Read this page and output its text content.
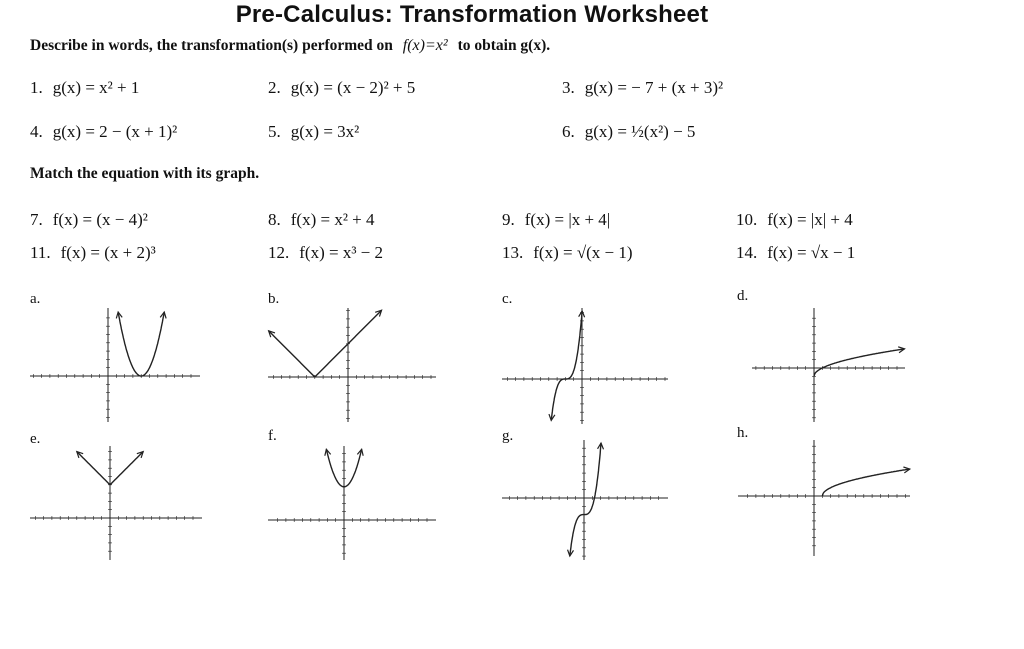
Pre-Calculus: Transformation Worksheet
Describe in words, the transformation(s) performed on f(x)=x² to obtain g(x).
1. g(x) = x² + 1	2. g(x) = (x − 2)² + 5	3. g(x) = − 7 + (x + 3)²
4. g(x) = 2 − (x + 1)²	5. g(x) = 3x²	6. g(x) = ½(x²) − 5
Match the equation with its graph.
7. f(x) = (x − 4)²	8. f(x) = x² + 4	9. f(x) = |x + 4|	10. f(x) = |x| + 4
11. f(x) = (x + 2)³	12. f(x) = x³ − 2	13. f(x) = √(x − 1)	14. f(x) = √x − 1
a.	b.	c.	d.
e.	f.	g.	h.
